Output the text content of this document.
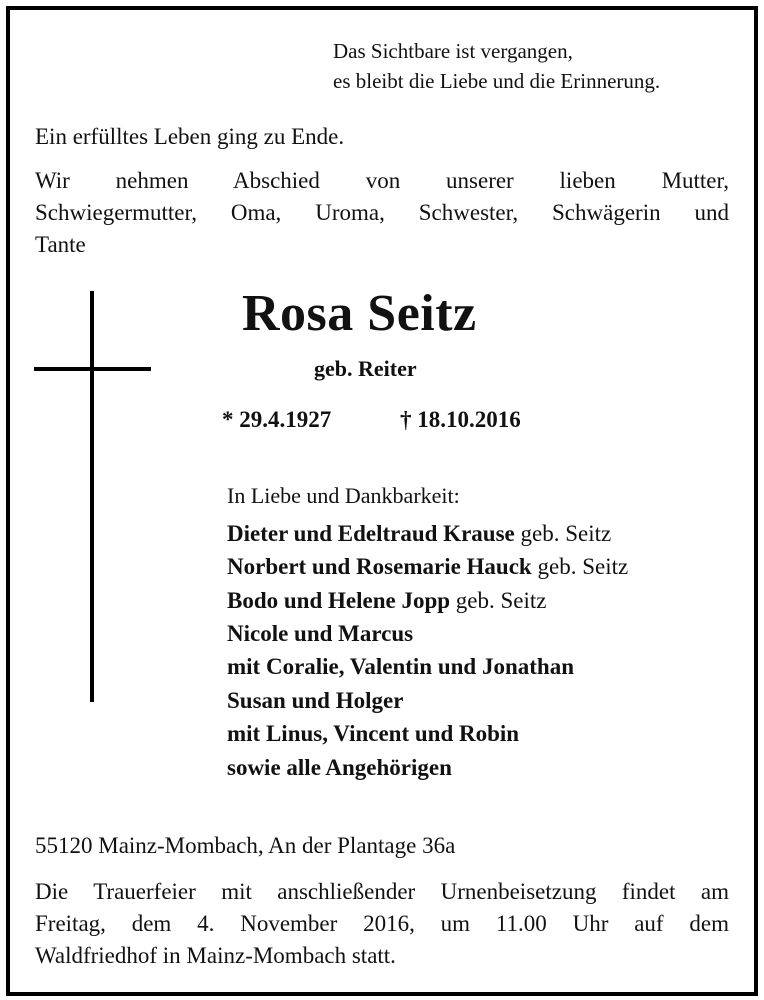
Das Sichtbare ist vergangen,

es bleibt die Liebe und die Erinnerung.

Ein erfülltes Leben ging zu Ende.

Wir nehmen Abschied von unserer lieben Mutter,
Schwiegermutter, Oma, Uroma, Schwester, Schwägerin und

Tante

Rosa Seitz

geb. Reiter

* 29.4.1927	† 18.10.2016

In Liebe und Dankbarkeit:

Dieter und Edeltraud Krause geb. Seitz

Norbert und Rosemarie Hauck geb. Seitz

Bodo und Helene Jopp geb. Seitz

Nicole und Marcus

mit Coralie, Valentin und Jonathan

Susan und Holger

mit Linus, Vincent und Robin

sowie alle Angehörigen

55120 Mainz-Mombach, An der Plantage 36a

Die Trauerfeier mit anschließender Urnenbeisetzung findet am
Freitag, dem 4. November 2016, um 11.00 Uhr auf dem

Waldfriedhof in Mainz-Mombach statt.
